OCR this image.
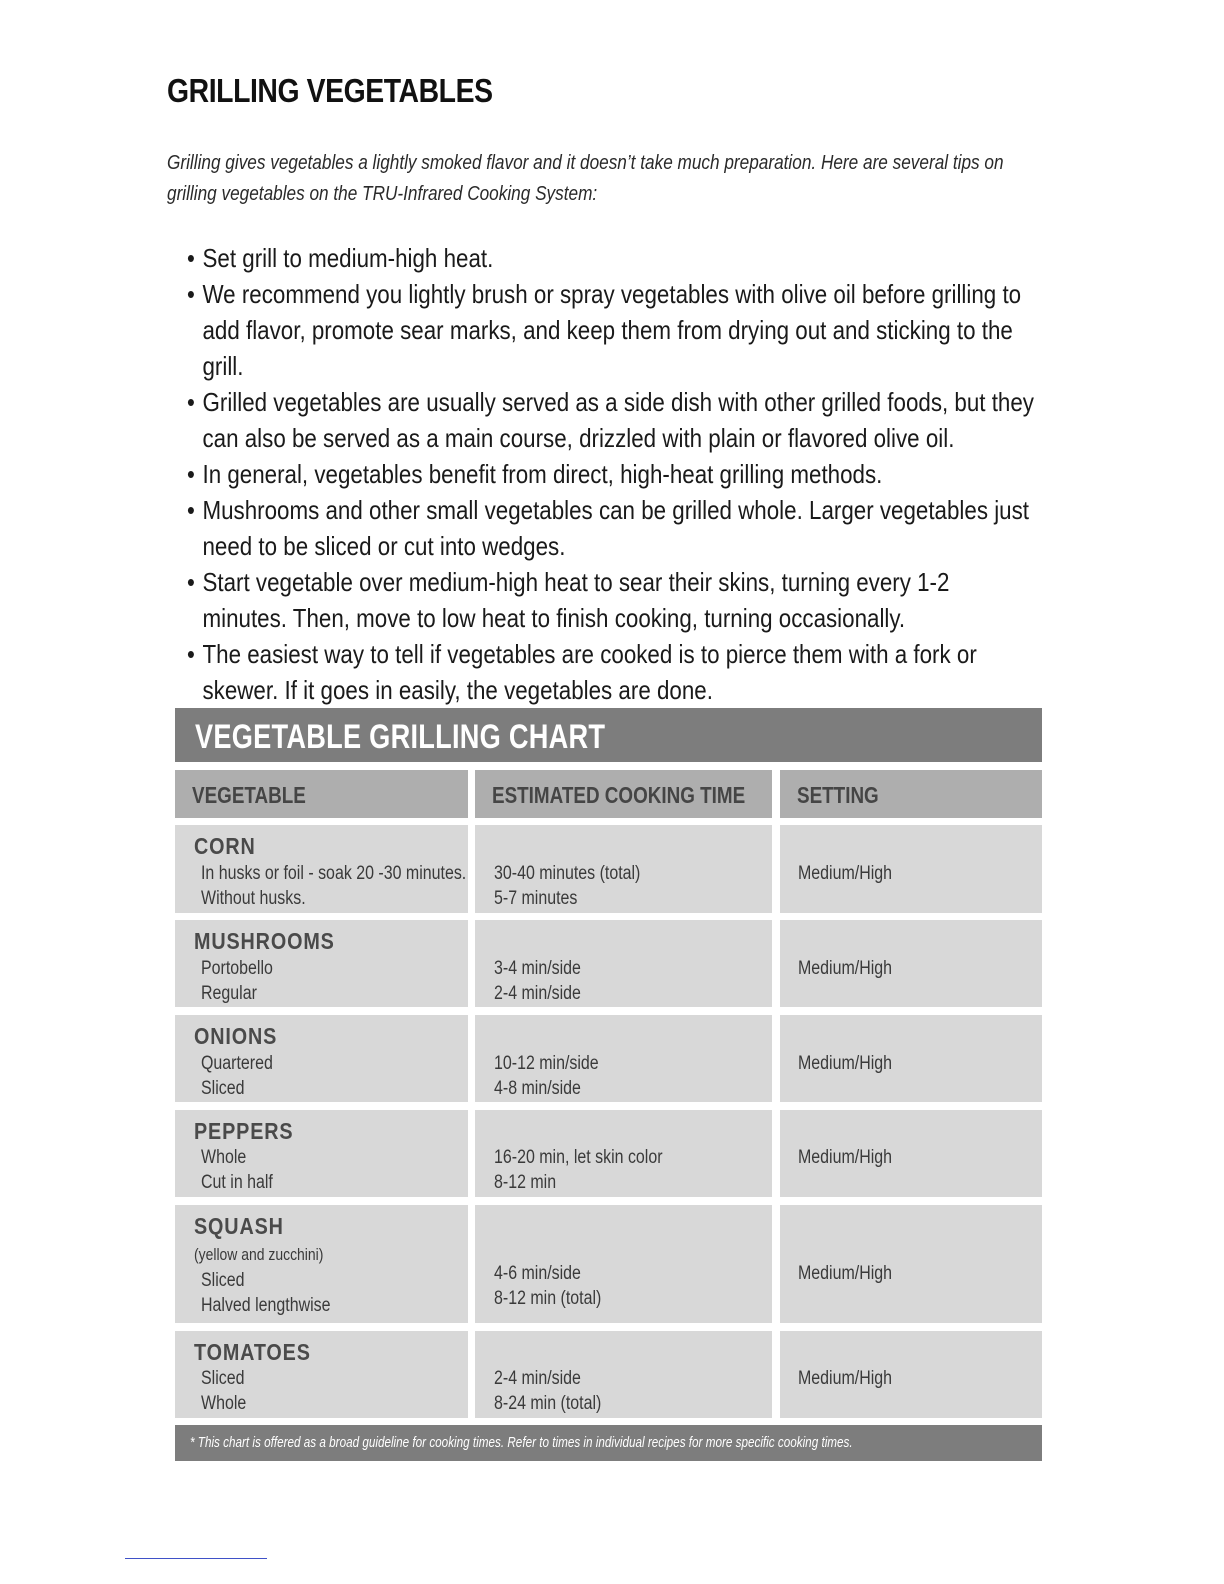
GRILLING VEGETABLES

Grilling gives vegetables a lightly smoked flavor and it doesn’t take much preparation. Here are several tips on grilling vegetables on the TRU-Infrared Cooking System:

• Set grill to medium-high heat.
• We recommend you lightly brush or spray vegetables with olive oil before grilling to add flavor, promote sear marks, and keep them from drying out and sticking to the grill.
• Grilled vegetables are usually served as a side dish with other grilled foods, but they can also be served as a main course, drizzled with plain or flavored olive oil.
• In general, vegetables benefit from direct, high-heat grilling methods.
• Mushrooms and other small vegetables can be grilled whole. Larger vegetables just need to be sliced or cut into wedges.
• Start vegetable over medium-high heat to sear their skins, turning every 1-2 minutes. Then, move to low heat to finish cooking, turning occasionally.
• The easiest way to tell if vegetables are cooked is to pierce them with a fork or skewer. If it goes in easily, the vegetables are done.
VEGETABLE GRILLING CHART
VEGETABLE	ESTIMATED COOKING TIME SETTING
CORN
In husks or foil - soak 20 -30 minutes.
Without husks.
30-40 minutes (total)
5-7 minutes
Medium/High
MUSHROOMS
Portobello
Regular
3-4 min/side
2-4 min/side
Medium/High
ONIONS
Quartered
Sliced
10-12 min/side
4-8 min/side
Medium/High
PEPPERS
Whole
Cut in half
16-20 min, let skin color
8-12 min
Medium/High
SQUASH
(yellow and zucchini)
Sliced
Halved lengthwise
4-6 min/side
8-12 min (total)
Medium/High
TOMATOES
Sliced
Whole
2-4 min/side
8-24 min (total)
Medium/High
* This chart is offered as a broad guideline for cooking times. Refer to times in individual recipes for more specific cooking times.
